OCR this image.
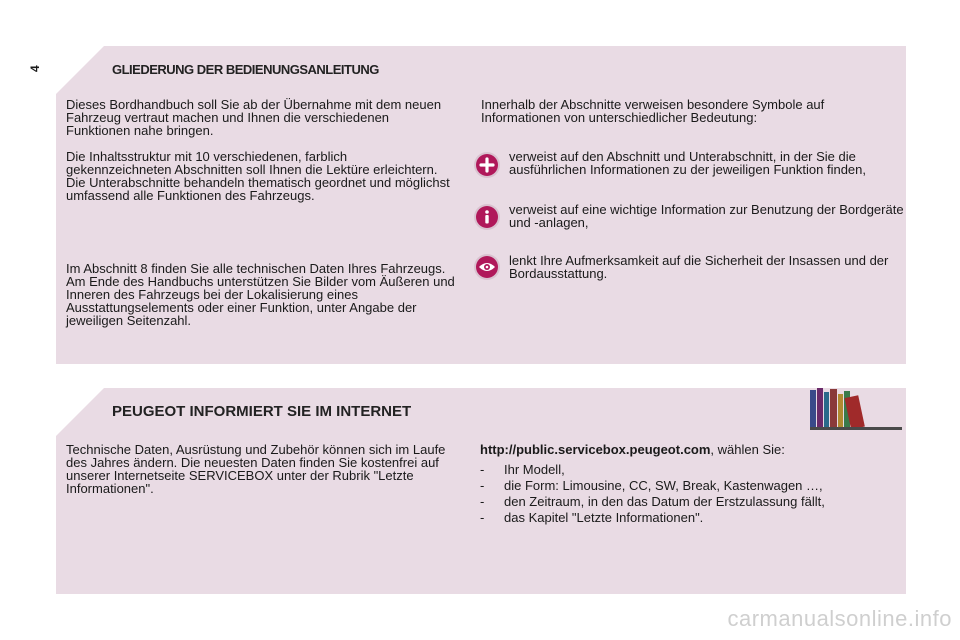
4	GLIEDERUNG DER BEDIENUNGSANLEITUNG

Dieses Bordhandbuch soll Sie ab der Übernahme mit dem neuen Fahrzeug vertraut machen und Ihnen die verschiedenen Funktionen nahe bringen.

Die Inhaltsstruktur mit 10 verschiedenen, farblich gekennzeichneten Abschnitten soll Ihnen die Lektüre erleichtern. Die Unterabschnitte behandeln thematisch geordnet und möglichst umfassend alle Funktionen des Fahrzeugs.

Im Abschnitt 8 finden Sie alle technischen Daten Ihres Fahrzeugs. Am Ende des Handbuchs unterstützen Sie Bilder vom Äußeren und Inneren des Fahrzeugs bei der Lokalisierung eines Ausstattungselements oder einer Funktion, unter Angabe der jeweiligen Seitenzahl.

Innerhalb der Abschnitte verweisen besondere Symbole auf Informationen von unterschiedlicher Bedeutung:

verweist auf den Abschnitt und Unterabschnitt, in der Sie die ausführlichen Informationen zu der jeweiligen Funktion finden,

verweist auf eine wichtige Information zur Benutzung der Bordgeräte und -anlagen,

lenkt Ihre Aufmerksamkeit auf die Sicherheit der Insassen und der Bordausstattung.

PEUGEOT INFORMIERT SIE IM INTERNET

Technische Daten, Ausrüstung und Zubehör können sich im Laufe des Jahres ändern. Die neuesten Daten finden Sie kostenfrei auf unserer Internetseite SERVICEBOX unter der Rubrik "Letzte Informationen".

http://public.servicebox.peugeot.com, wählen Sie:

- Ihr Modell,
- die Form: Limousine, CC, SW, Break, Kastenwagen …,
- den Zeitraum, in den das Datum der Erstzulassung fällt,
- das Kapitel "Letzte Informationen".
carmanualsonline.info
